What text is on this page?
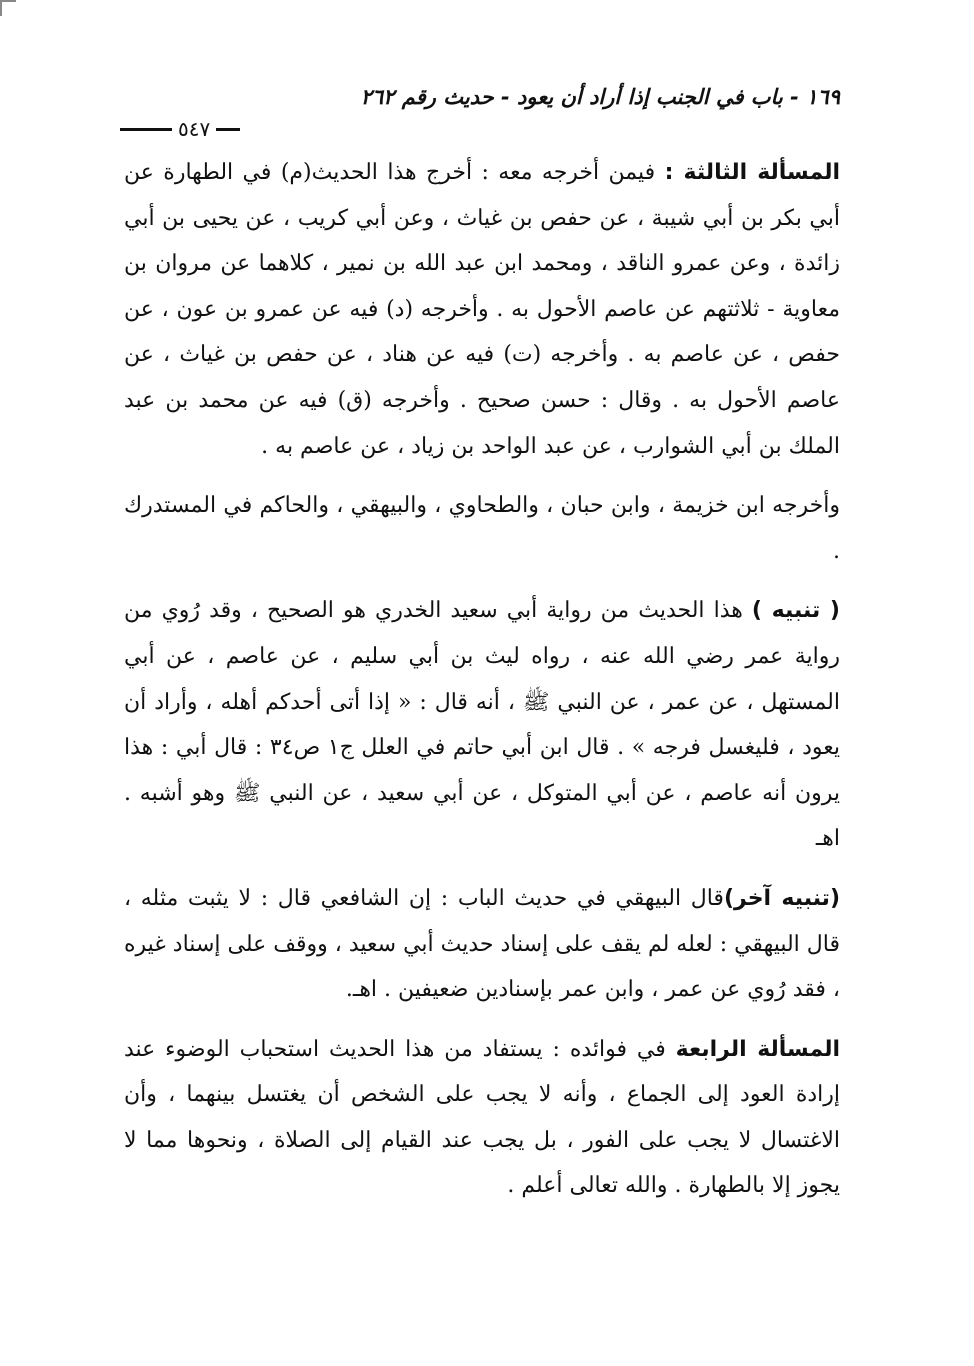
١٦٩ - باب في الجنب إذا أراد أن يعود - حديث رقم ٢٦٢
٥٤٧

المسألة الثالثة : فيمن أخرجه معه : أخرج هذا الحديث(م) في الطهارة عن أبي بكر بن أبي شيبة ، عن حفص بن غياث ، وعن أبي كريب ، عن يحيى بن أبي زائدة ، وعن عمرو الناقد ، ومحمد ابن عبد الله بن نمير ، كلاهما عن مروان بن معاوية - ثلاثتهم عن عاصم الأحول به . وأخرجه (د) فيه عن عمرو بن عون ، عن حفص ، عن عاصم به . وأخرجه (ت) فيه عن هناد ، عن حفص بن غياث ، عن عاصم الأحول به . وقال : حسن صحيح . وأخرجه (ق) فيه عن محمد بن عبد الملك بن أبي الشوارب ، عن عبد الواحد بن زياد ، عن عاصم به .

وأخرجه ابن خزيمة ، وابن حبان ، والطحاوي ، والبيهقي ، والحاكم في المستدرك .

( تنبيه ) هذا الحديث من رواية أبي سعيد الخدري هو الصحيح ، وقد رُوي من رواية عمر رضي الله عنه ، رواه ليث بن أبي سليم ، عن عاصم ، عن أبي المستهل ، عن عمر ، عن النبي ﷺ ، أنه قال : « إذا أتى أحدكم أهله ، وأراد أن يعود ، فليغسل فرجه » . قال ابن أبي حاتم في العلل ج١ ص٣٤ : قال أبي : هذا يرون أنه عاصم ، عن أبي المتوكل ، عن أبي سعيد ، عن النبي ﷺ وهو أشبه . اهـ

(تنبيه آخر)قال البيهقي في حديث الباب : إن الشافعي قال : لا يثبت مثله ، قال البيهقي : لعله لم يقف على إسناد حديث أبي سعيد ، ووقف على إسناد غيره ، فقد رُوي عن عمر ، وابن عمر بإسنادين ضعيفين . اهـ.

المسألة الرابعة في فوائده : يستفاد من هذا الحديث استحباب الوضوء عند إرادة العود إلى الجماع ، وأنه لا يجب على الشخص أن يغتسل بينهما ، وأن الاغتسال لا يجب على الفور ، بل يجب عند القيام إلى الصلاة ، ونحوها مما لا يجوز إلا بالطهارة . والله تعالى أعلم .
